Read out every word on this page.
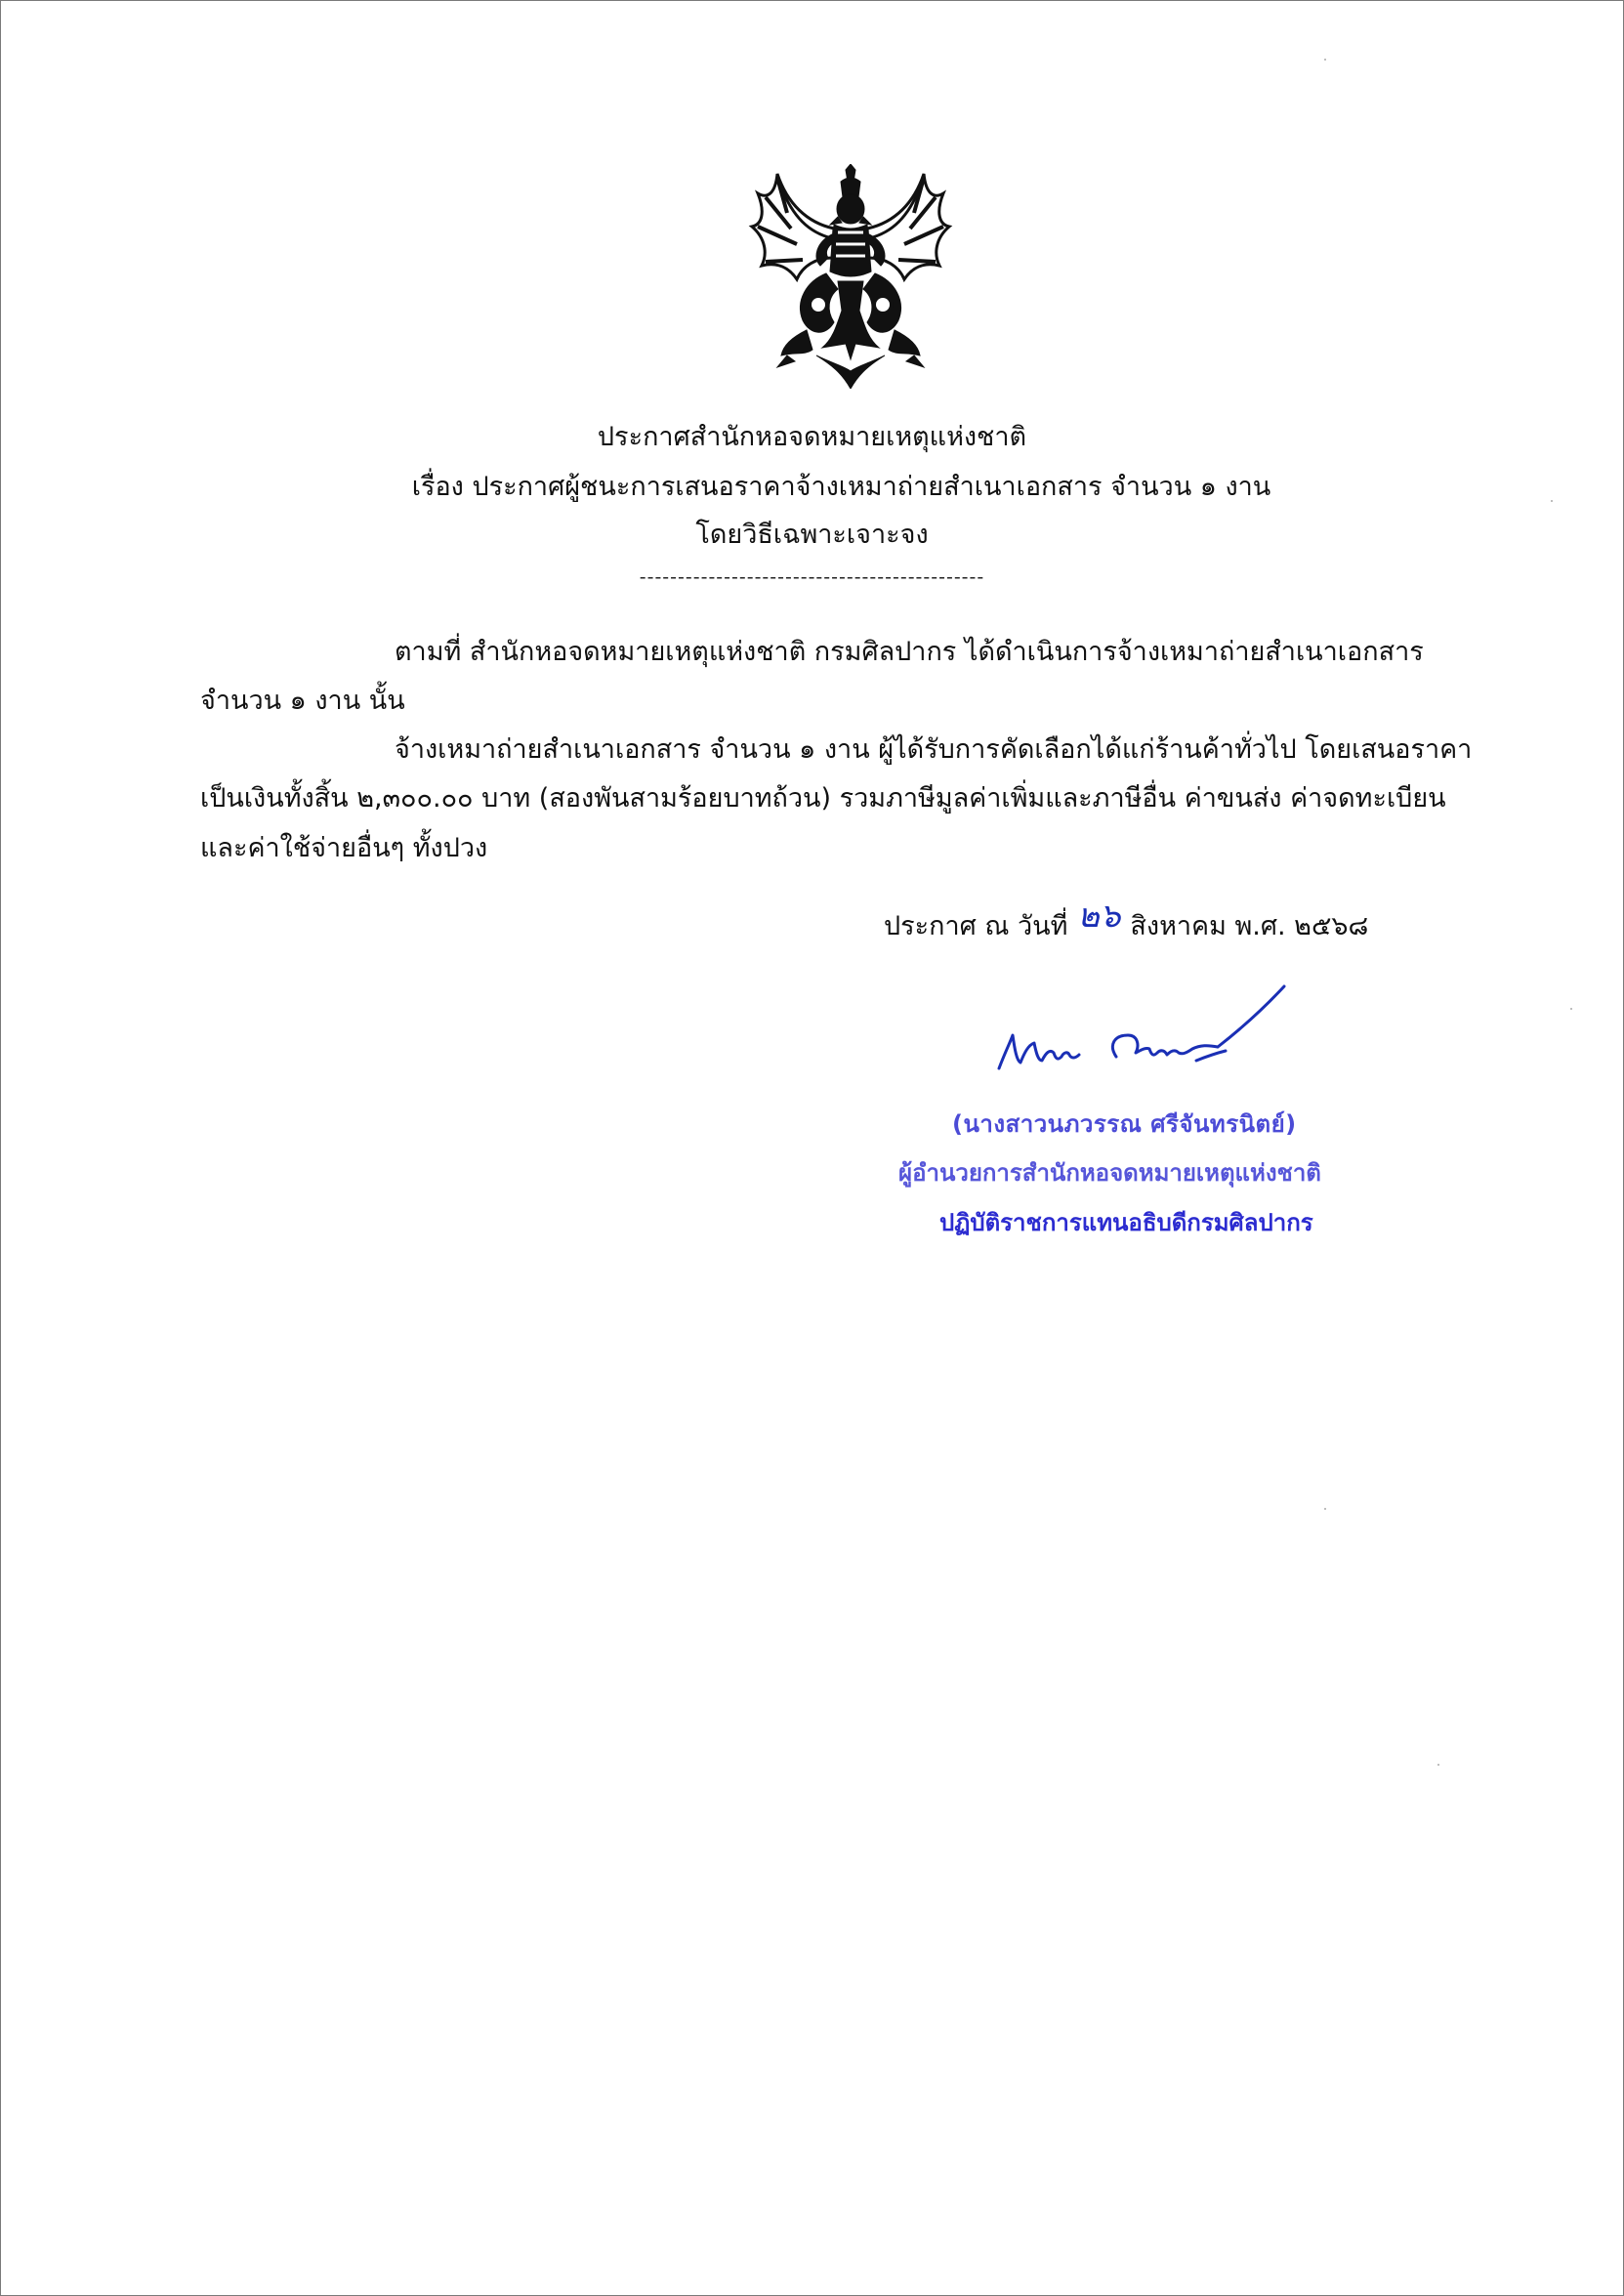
ประกาศสำนักหอจดหมายเหตุแห่งชาติ
เรื่อง ประกาศผู้ชนะการเสนอราคาจ้างเหมาถ่ายสำเนาเอกสาร จำนวน ๑ งาน
โดยวิธีเฉพาะเจาะจง
---------------------------------------------
ตามที่ สำนักหอจดหมายเหตุแห่งชาติ กรมศิลปากร ได้ดำเนินการจ้างเหมาถ่ายสำเนาเอกสาร
จำนวน ๑ งาน นั้น
จ้างเหมาถ่ายสำเนาเอกสาร จำนวน ๑ งาน ผู้ได้รับการคัดเลือกได้แก่ร้านค้าทั่วไป โดยเสนอราคา
เป็นเงินทั้งสิ้น ๒,๓๐๐.๐๐ บาท (สองพันสามร้อยบาทถ้วน) รวมภาษีมูลค่าเพิ่มและภาษีอื่น ค่าขนส่ง ค่าจดทะเบียน
และค่าใช้จ่ายอื่นๆ ทั้งปวง
ประกาศ ณ วันที่ ๒๖ สิงหาคม พ.ศ. ๒๕๖๘
(นางสาวนภวรรณ ศรีจันทรนิตย์)
ผู้อำนวยการสำนักหอจดหมายเหตุแห่งชาติ
ปฏิบัติราชการแทนอธิบดีกรมศิลปากร
